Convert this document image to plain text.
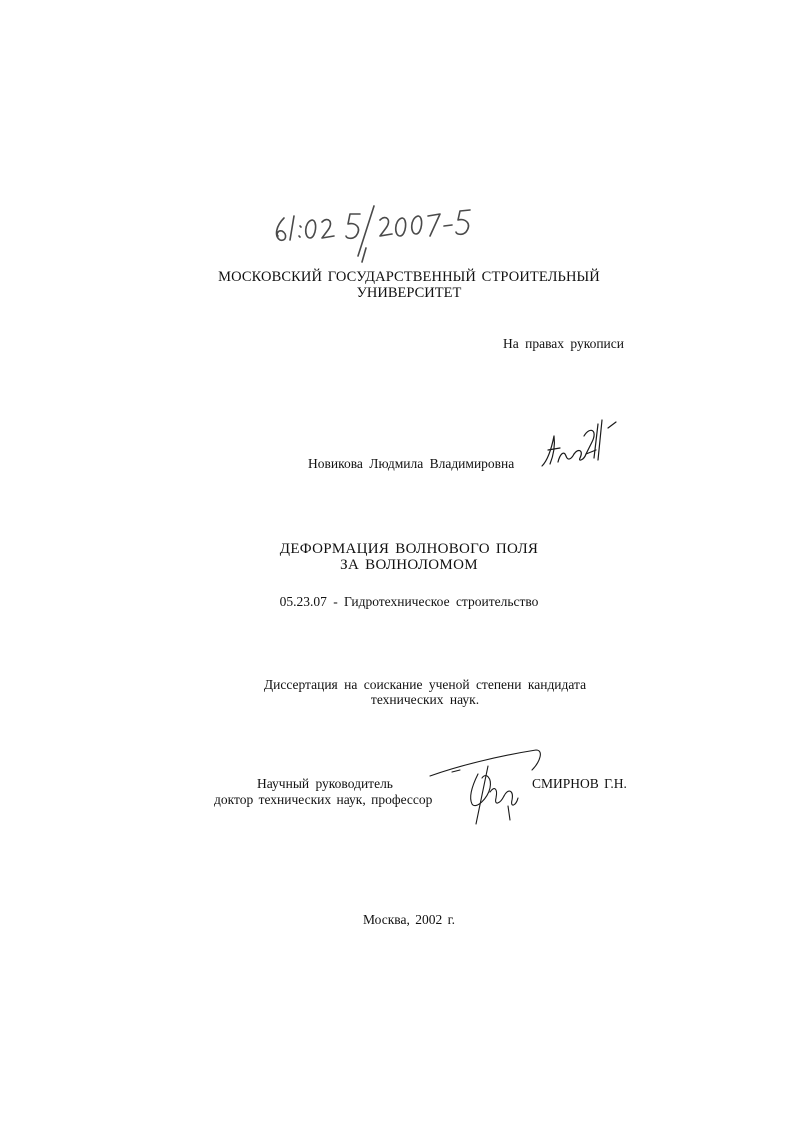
МОСКОВСКИЙ ГОСУДАРСТВЕННЫЙ СТРОИТЕЛЬНЫЙ
УНИВЕРСИТЕТ
На правах рукописи
Новикова Людмила Владимировна
ДЕФОРМАЦИЯ ВОЛНОВОГО ПОЛЯ
ЗА ВОЛНОЛОМОМ
05.23.07 - Гидротехническое строительство
Диссертация на соискание ученой степени кандидата
технических наук.
Научный руководитель
доктор технических наук, профессор
СМИРНОВ Г.Н.
Москва, 2002 г.
